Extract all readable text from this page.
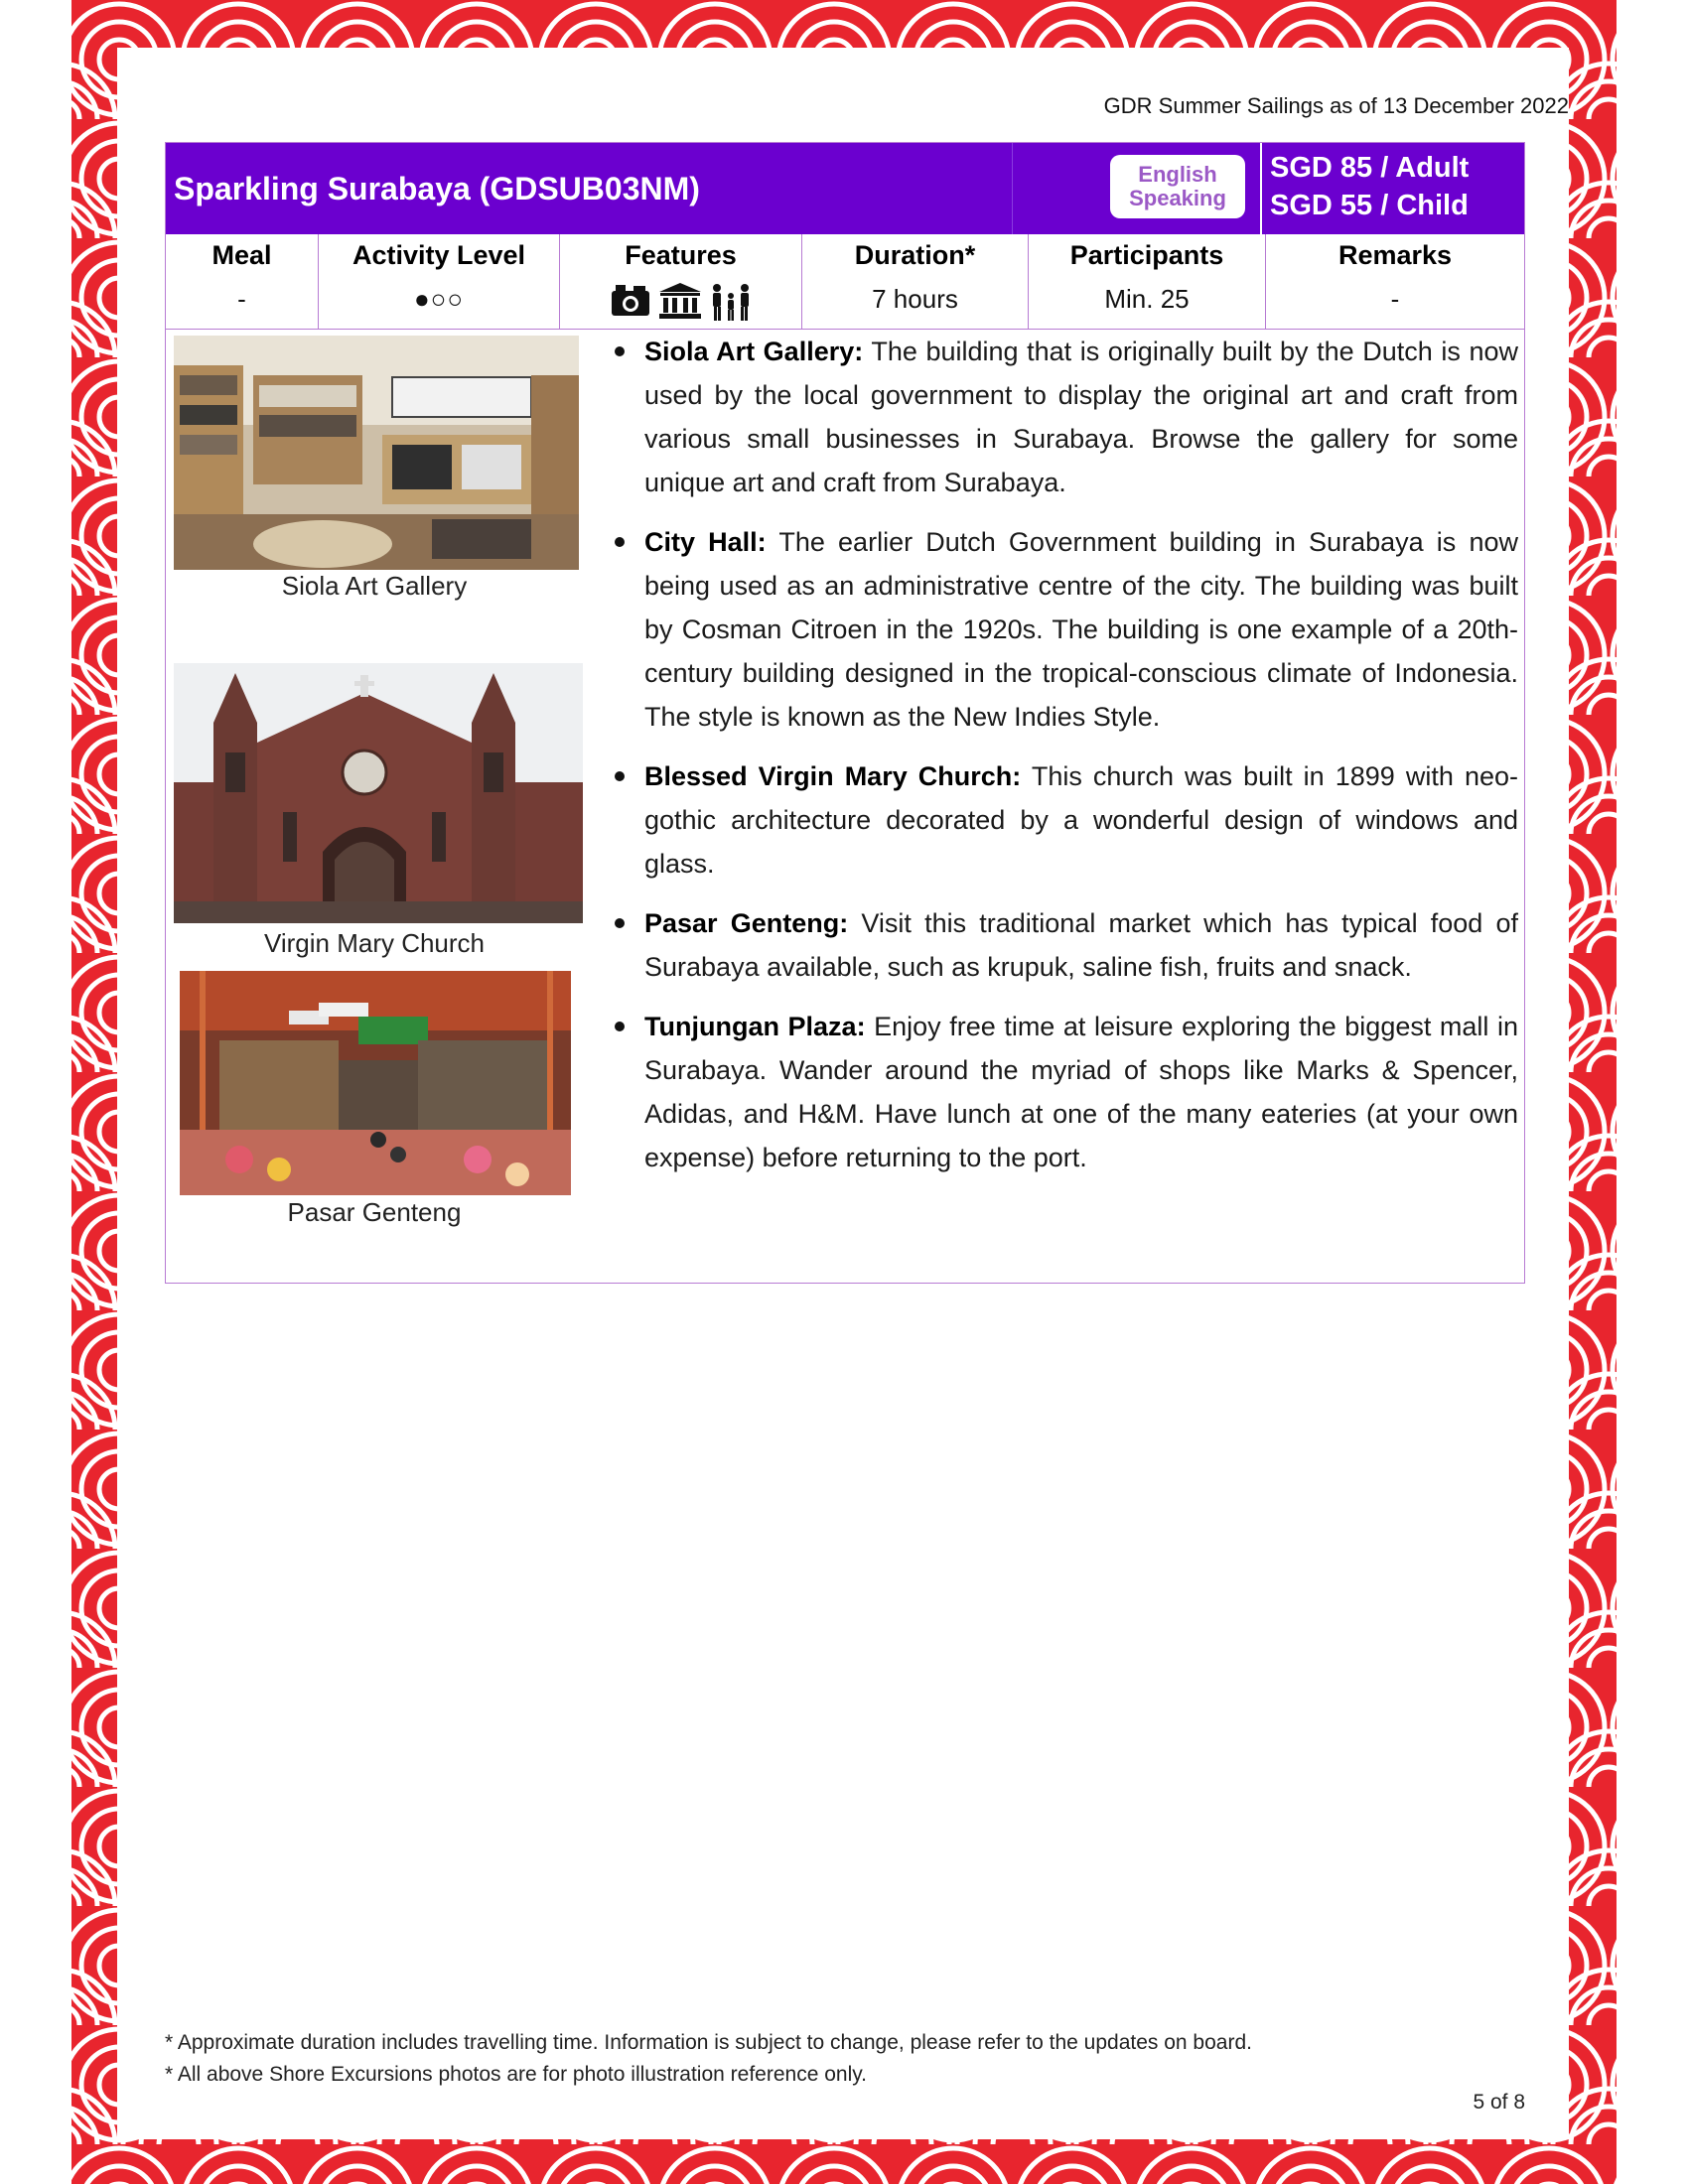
GDR Summer Sailings as of 13 December 2022
Sparkling Surabaya (GDSUB03NM)	English
Speaking
SGD 85 / Adult
SGD 55 / Child
Meal
-
Activity Level
●○○
Features	Duration*
7 hours
Participants
Min. 25
Remarks
-
Siola Art Gallery
Virgin Mary Church
Pasar Genteng
Siola Art Gallery: The building that is originally built by the Dutch is now used by the local government to display the original art and craft from various small businesses in Surabaya. Browse the gallery for some unique art and craft from Surabaya.
City Hall: The earlier Dutch Government building in Surabaya is now being used as an administrative centre of the city. The building was built by Cosman Citroen in the 1920s. The building is one example of a 20th-century building designed in the tropical-conscious climate of Indonesia. The style is known as the New Indies Style.
Blessed Virgin Mary Church: This church was built in 1899 with neo-gothic architecture decorated by a wonderful design of windows and glass.
Pasar Genteng: Visit this traditional market which has typical food of Surabaya available, such as krupuk, saline fish, fruits and snack.
Tunjungan Plaza: Enjoy free time at leisure exploring the biggest mall in Surabaya. Wander around the myriad of shops like Marks & Spencer, Adidas, and H&M. Have lunch at one of the many eateries (at your own expense) before returning to the port.
* Approximate duration includes travelling time. Information is subject to change, please refer to the updates on board.
* All above Shore Excursions photos are for photo illustration reference only.
5 of 8
